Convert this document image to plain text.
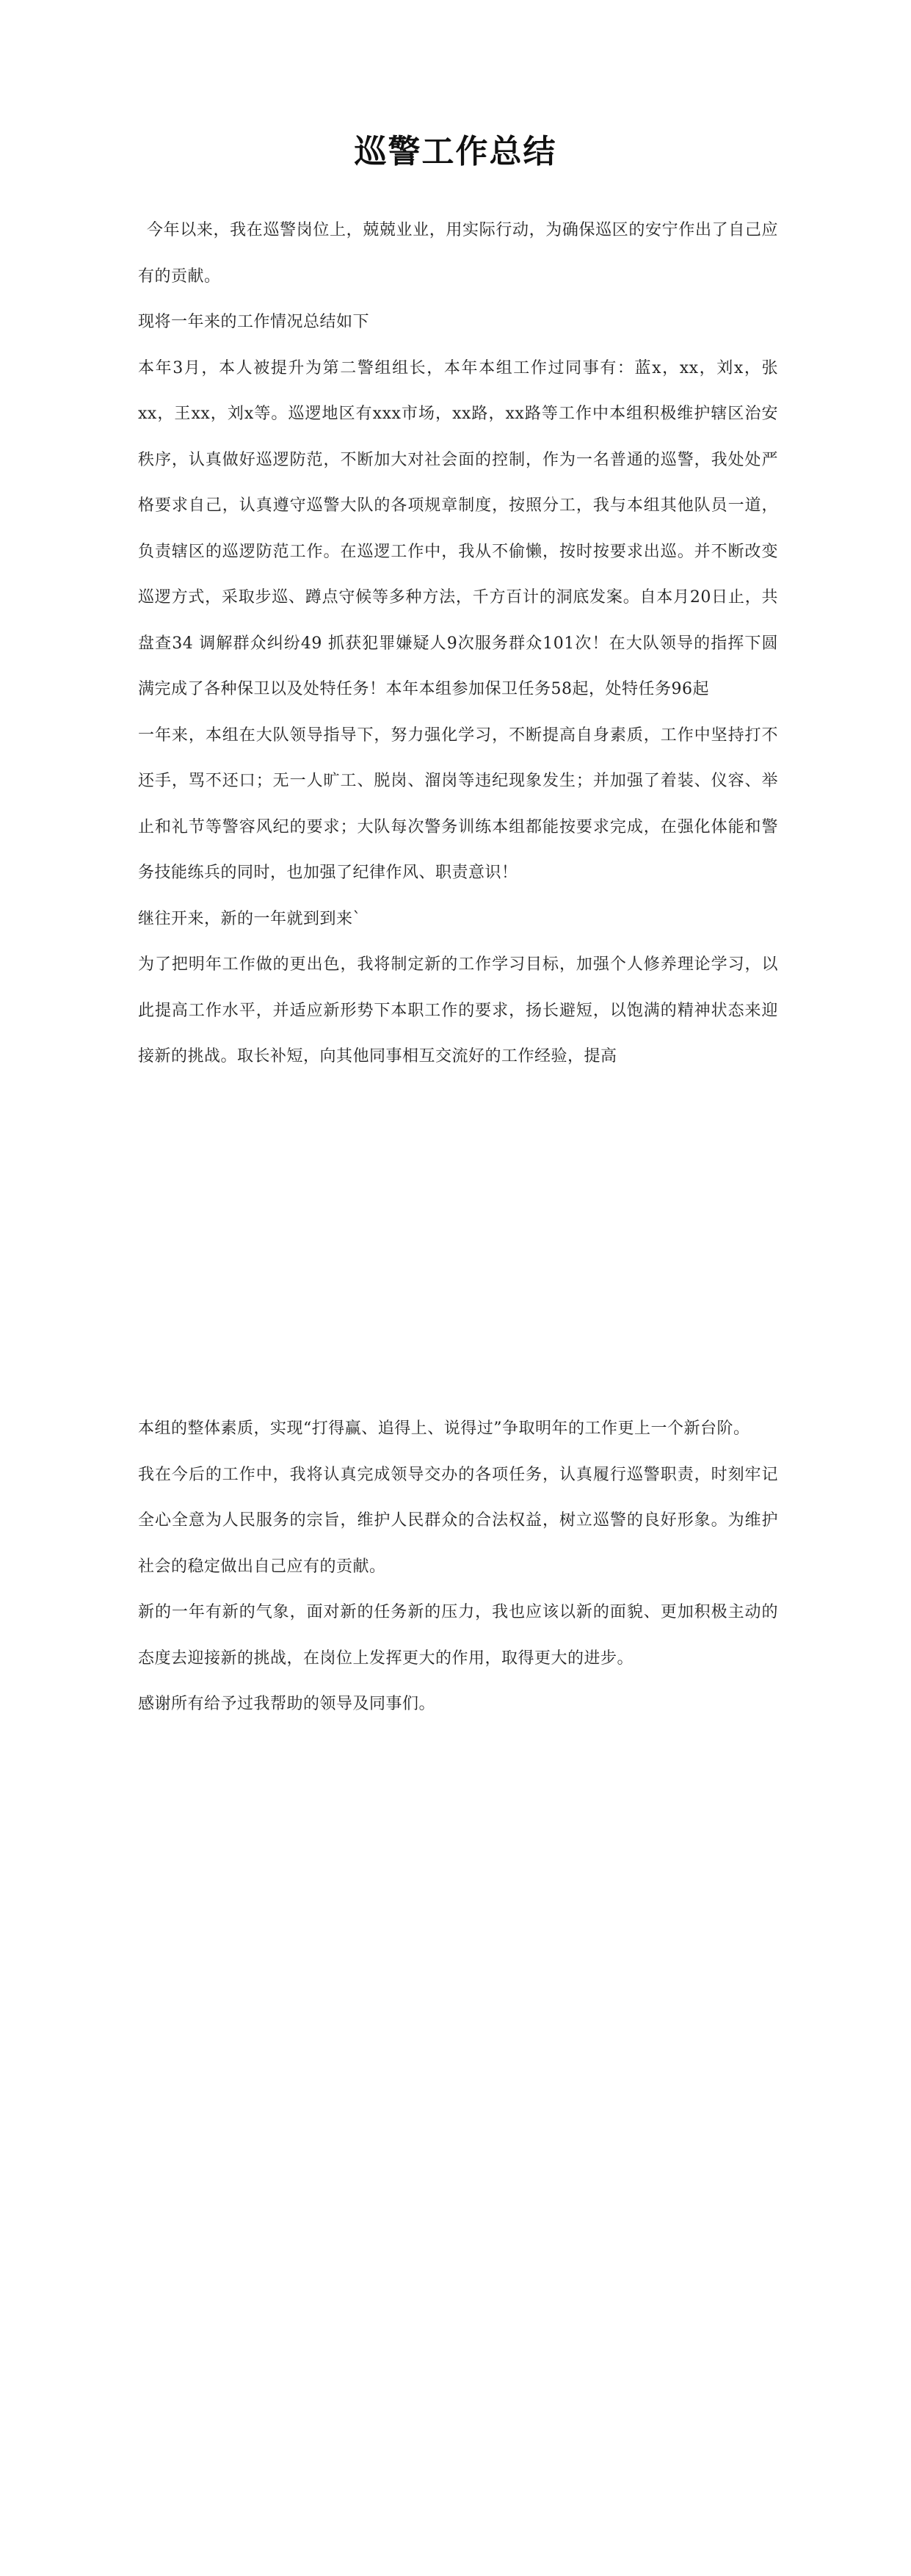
巡警工作总结

今年以来，我在巡警岗位上，兢兢业业，用实际行动，为确保巡区的安宁作出了自己应有的贡献。

现将一年来的工作情况总结如下

本年3月，本人被提升为第二警组组长，本年本组工作过同事有：蓝x，xx，刘x，张xx，王xx，刘x等。巡逻地区有xxx市场，xx路，xx路等工作中本组积极维护辖区治安秩序，认真做好巡逻防范，不断加大对社会面的控制，作为一名普通的巡警，我处处严格要求自己，认真遵守巡警大队的各项规章制度，按照分工，我与本组其他队员一道，负责辖区的巡逻防范工作。在巡逻工作中，我从不偷懒，按时按要求出巡。并不断改变巡逻方式，采取步巡、蹲点守候等多种方法，千方百计的洞底发案。自本月20日止，共盘查34 调解群众纠纷49 抓获犯罪嫌疑人9次服务群众101次！在大队领导的指挥下圆满完成了各种保卫以及处特任务！本年本组参加保卫任务58起，处特任务96起

一年来，本组在大队领导指导下，努力强化学习，不断提高自身素质，工作中坚持打不还手，骂不还口；无一人旷工、脱岗、溜岗等违纪现象发生；并加强了着装、仪容、举止和礼节等警容风纪的要求；大队每次警务训练本组都能按要求完成，在强化体能和警务技能练兵的同时，也加强了纪律作风、职责意识！

继往开来，新的一年就到到来`

为了把明年工作做的更出色，我将制定新的工作学习目标，加强个人修养理论学习，以此提高工作水平，并适应新形势下本职工作的要求，扬长避短，以饱满的精神状态来迎接新的挑战。取长补短，向其他同事相互交流好的工作经验，提高

本组的整体素质，实现“打得赢、追得上、说得过”争取明年的工作更上一个新台阶。

我在今后的工作中，我将认真完成领导交办的各项任务，认真履行巡警职责，时刻牢记全心全意为人民服务的宗旨，维护人民群众的合法权益，树立巡警的良好形象。为维护社会的稳定做出自己应有的贡献。

新的一年有新的气象，面对新的任务新的压力，我也应该以新的面貌、更加积极主动的态度去迎接新的挑战，在岗位上发挥更大的作用，取得更大的进步。

感谢所有给予过我帮助的领导及同事们。
